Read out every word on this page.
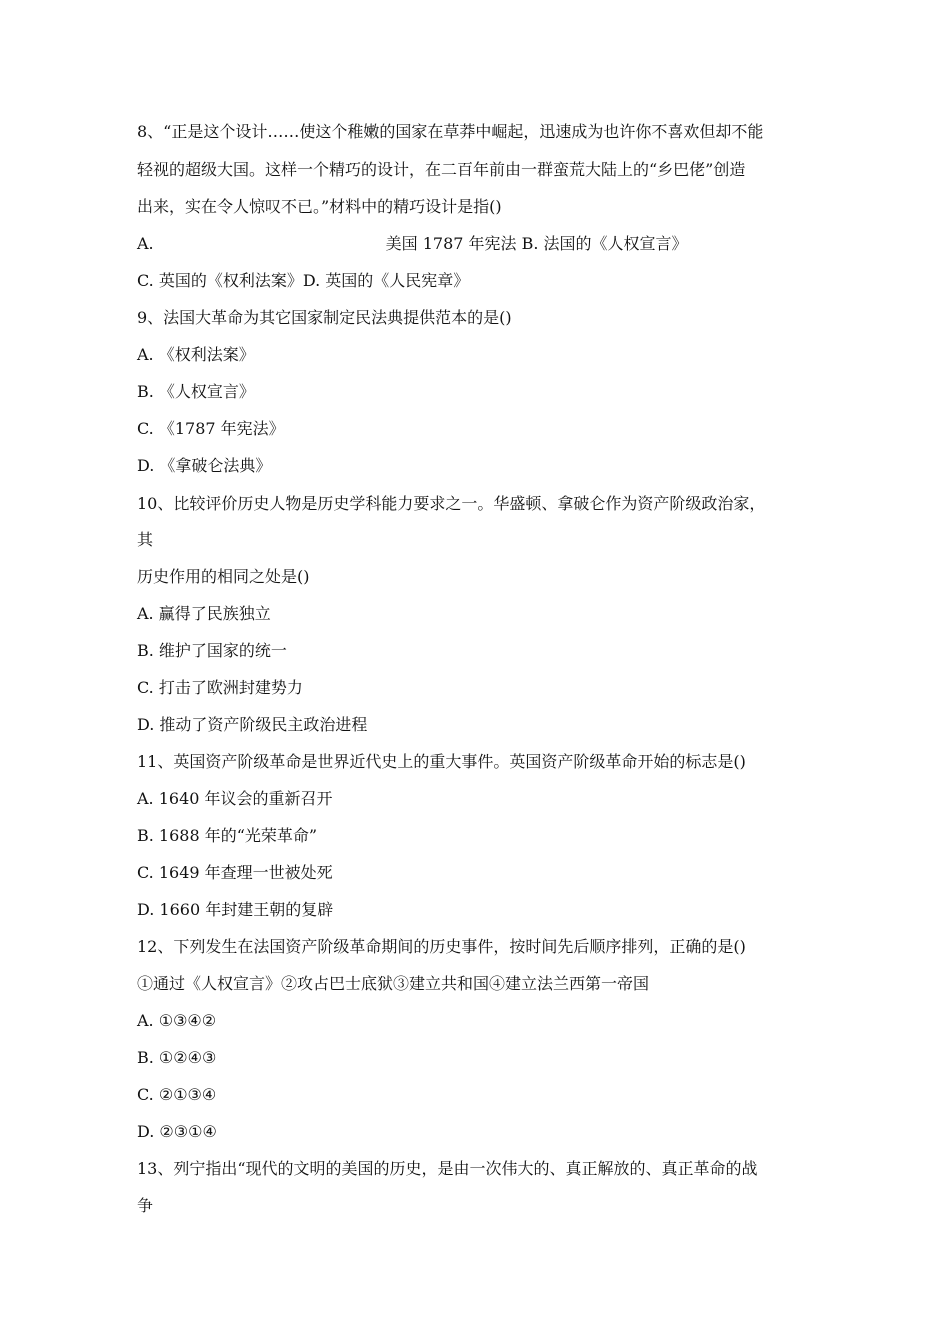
8、“正是这个设计……使这个稚嫩的国家在草莽中崛起，迅速成为也许你不喜欢但却不能
轻视的超级大国。这样一个精巧的设计，在二百年前由一群蛮荒大陆上的“乡巴佬”创造
出来，实在令人惊叹不已。”材料中的精巧设计是指()
A.	美国 1787 年宪法 B. 法国的《人权宣言》
C. 英国的《权利法案》D. 英国的《人民宪章》
9、法国大革命为其它国家制定民法典提供范本的是()
A. 《权利法案》
B. 《人权宣言》
C. 《1787 年宪法》
D. 《拿破仑法典》
10、比较评价历史人物是历史学科能力要求之一。华盛顿、拿破仑作为资产阶级政治家，
其
历史作用的相同之处是()
A. 赢得了民族独立
B. 维护了国家的统一
C. 打击了欧洲封建势力
D. 推动了资产阶级民主政治进程
11、英国资产阶级革命是世界近代史上的重大事件。英国资产阶级革命开始的标志是()
A. 1640 年议会的重新召开
B. 1688 年的“光荣革命”
C. 1649 年查理一世被处死
D. 1660 年封建王朝的复辟
12、下列发生在法国资产阶级革命期间的历史事件，按时间先后顺序排列，正确的是()
①通过《人权宣言》②攻占巴士底狱③建立共和国④建立法兰西第一帝国
A. ①③④②
B. ①②④③
C. ②①③④
D. ②③①④
13、列宁指出“现代的文明的美国的历史，是由一次伟大的、真正解放的、真正革命的战
争
